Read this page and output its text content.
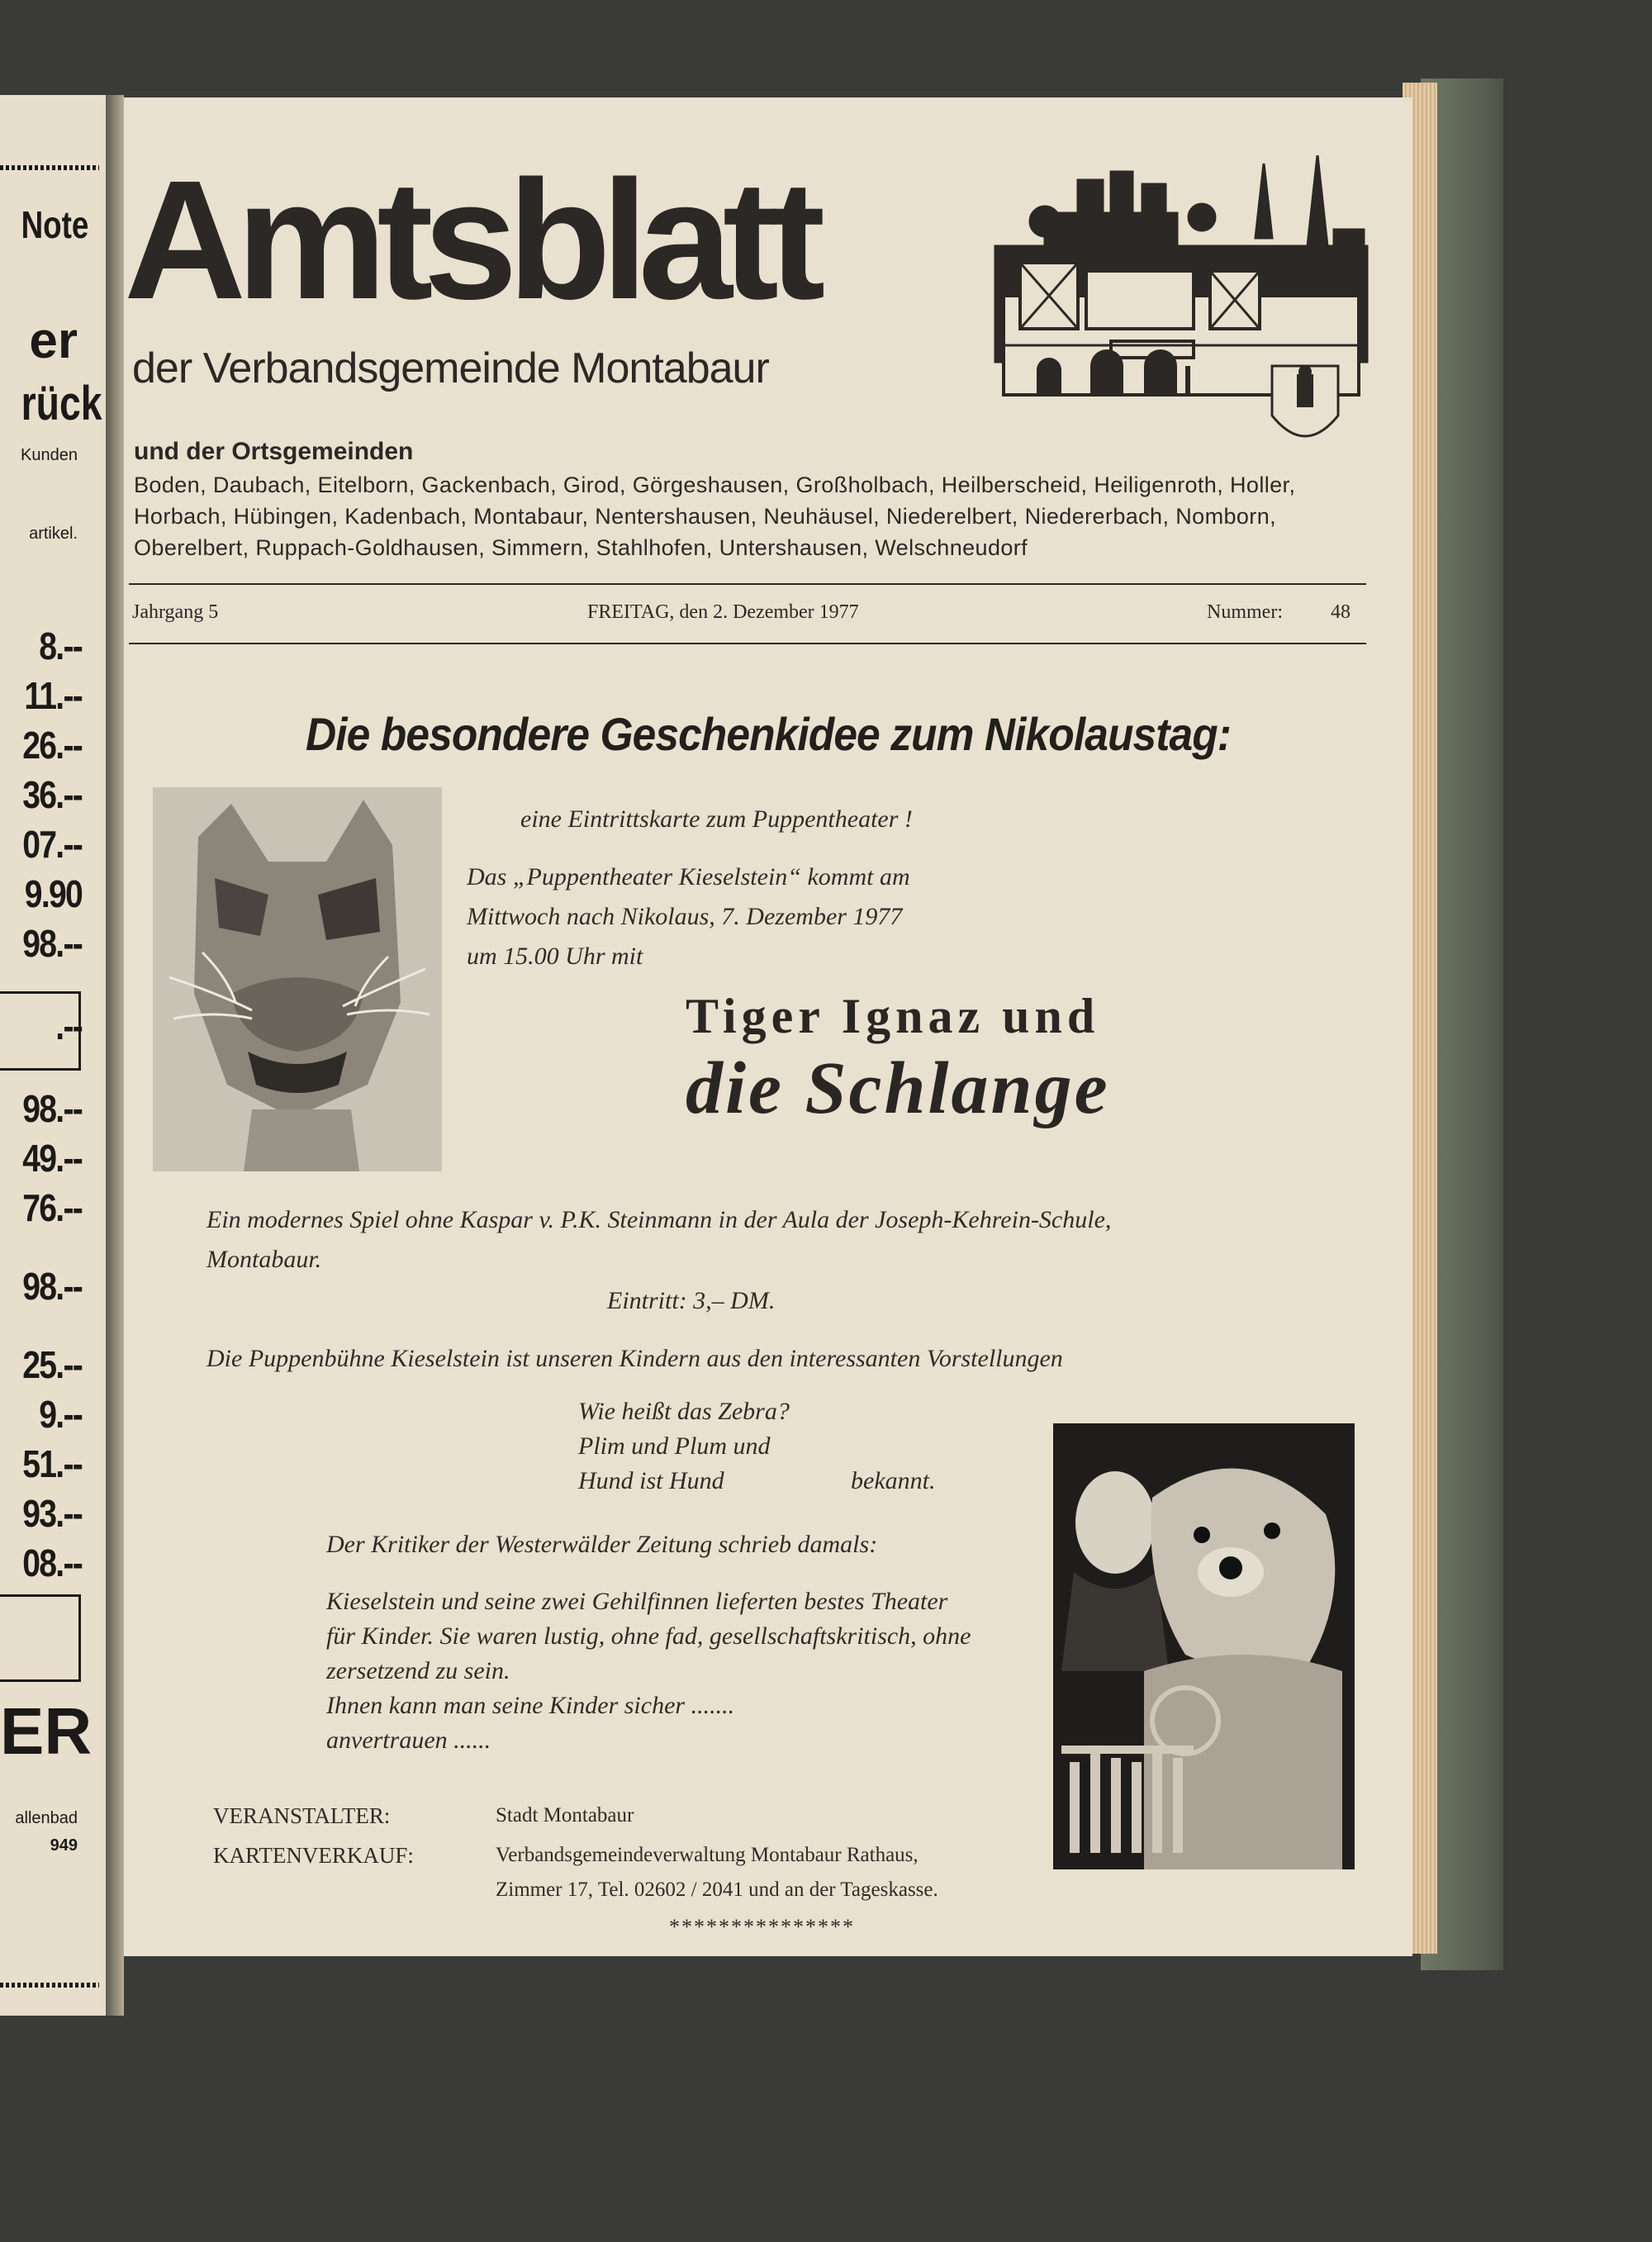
Note
er
rück
Kunden
artikel.
8.--
11.--
26.--
36.--
07.--
9.90
98.--
.--
98.--
49.--
76.--
98.--
25.--
9.--
51.--
93.--
08.--
ER
allenbad
949
Amtsblatt
der Verbandsgemeinde Montabaur
und der Ortsgemeinden
Boden, Daubach, Eitelborn, Gackenbach, Girod, Görgeshausen, Großholbach, Heilberscheid, Heiligenroth, Holler,
Horbach, Hübingen, Kadenbach, Montabaur, Nentershausen, Neuhäusel, Niederelbert, Niedererbach, Nomborn,
Oberelbert, Ruppach-Goldhausen, Simmern, Stahlhofen, Untershausen, Welschneudorf
Jahrgang 5	FREITAG, den 2. Dezember 1977	Nummer: 48
Die besondere Geschenkidee zum Nikolaustag:
eine Eintrittskarte zum Puppentheater !
Das „Puppentheater Kieselstein“ kommt am
Mittwoch nach Nikolaus, 7. Dezember 1977
um 15.00 Uhr mit
Tiger Ignaz und
die Schlange
Ein modernes Spiel ohne Kaspar v. P.K. Steinmann in der Aula der Joseph-Kehrein-Schule,
Montabaur.
Eintritt: 3,– DM.
Die Puppenbühne Kieselstein ist unseren Kindern aus den interessanten Vorstellungen
Wie heißt das Zebra?
Plim und Plum und
Hund ist Hund	bekannt.
Der Kritiker der Westerwälder Zeitung schrieb damals:
Kieselstein und seine zwei Gehilfinnen lieferten bestes Theater
für Kinder. Sie waren lustig, ohne fad, gesellschaftskritisch, ohne
zersetzend zu sein.
Ihnen kann man seine Kinder sicher .......
anvertrauen ......
VERANSTALTER:	Stadt Montabaur
KARTENVERKAUF:	Verbandsgemeindeverwaltung Montabaur Rathaus,
Zimmer 17, Tel. 02602 / 2041 und an der Tageskasse.
***************
